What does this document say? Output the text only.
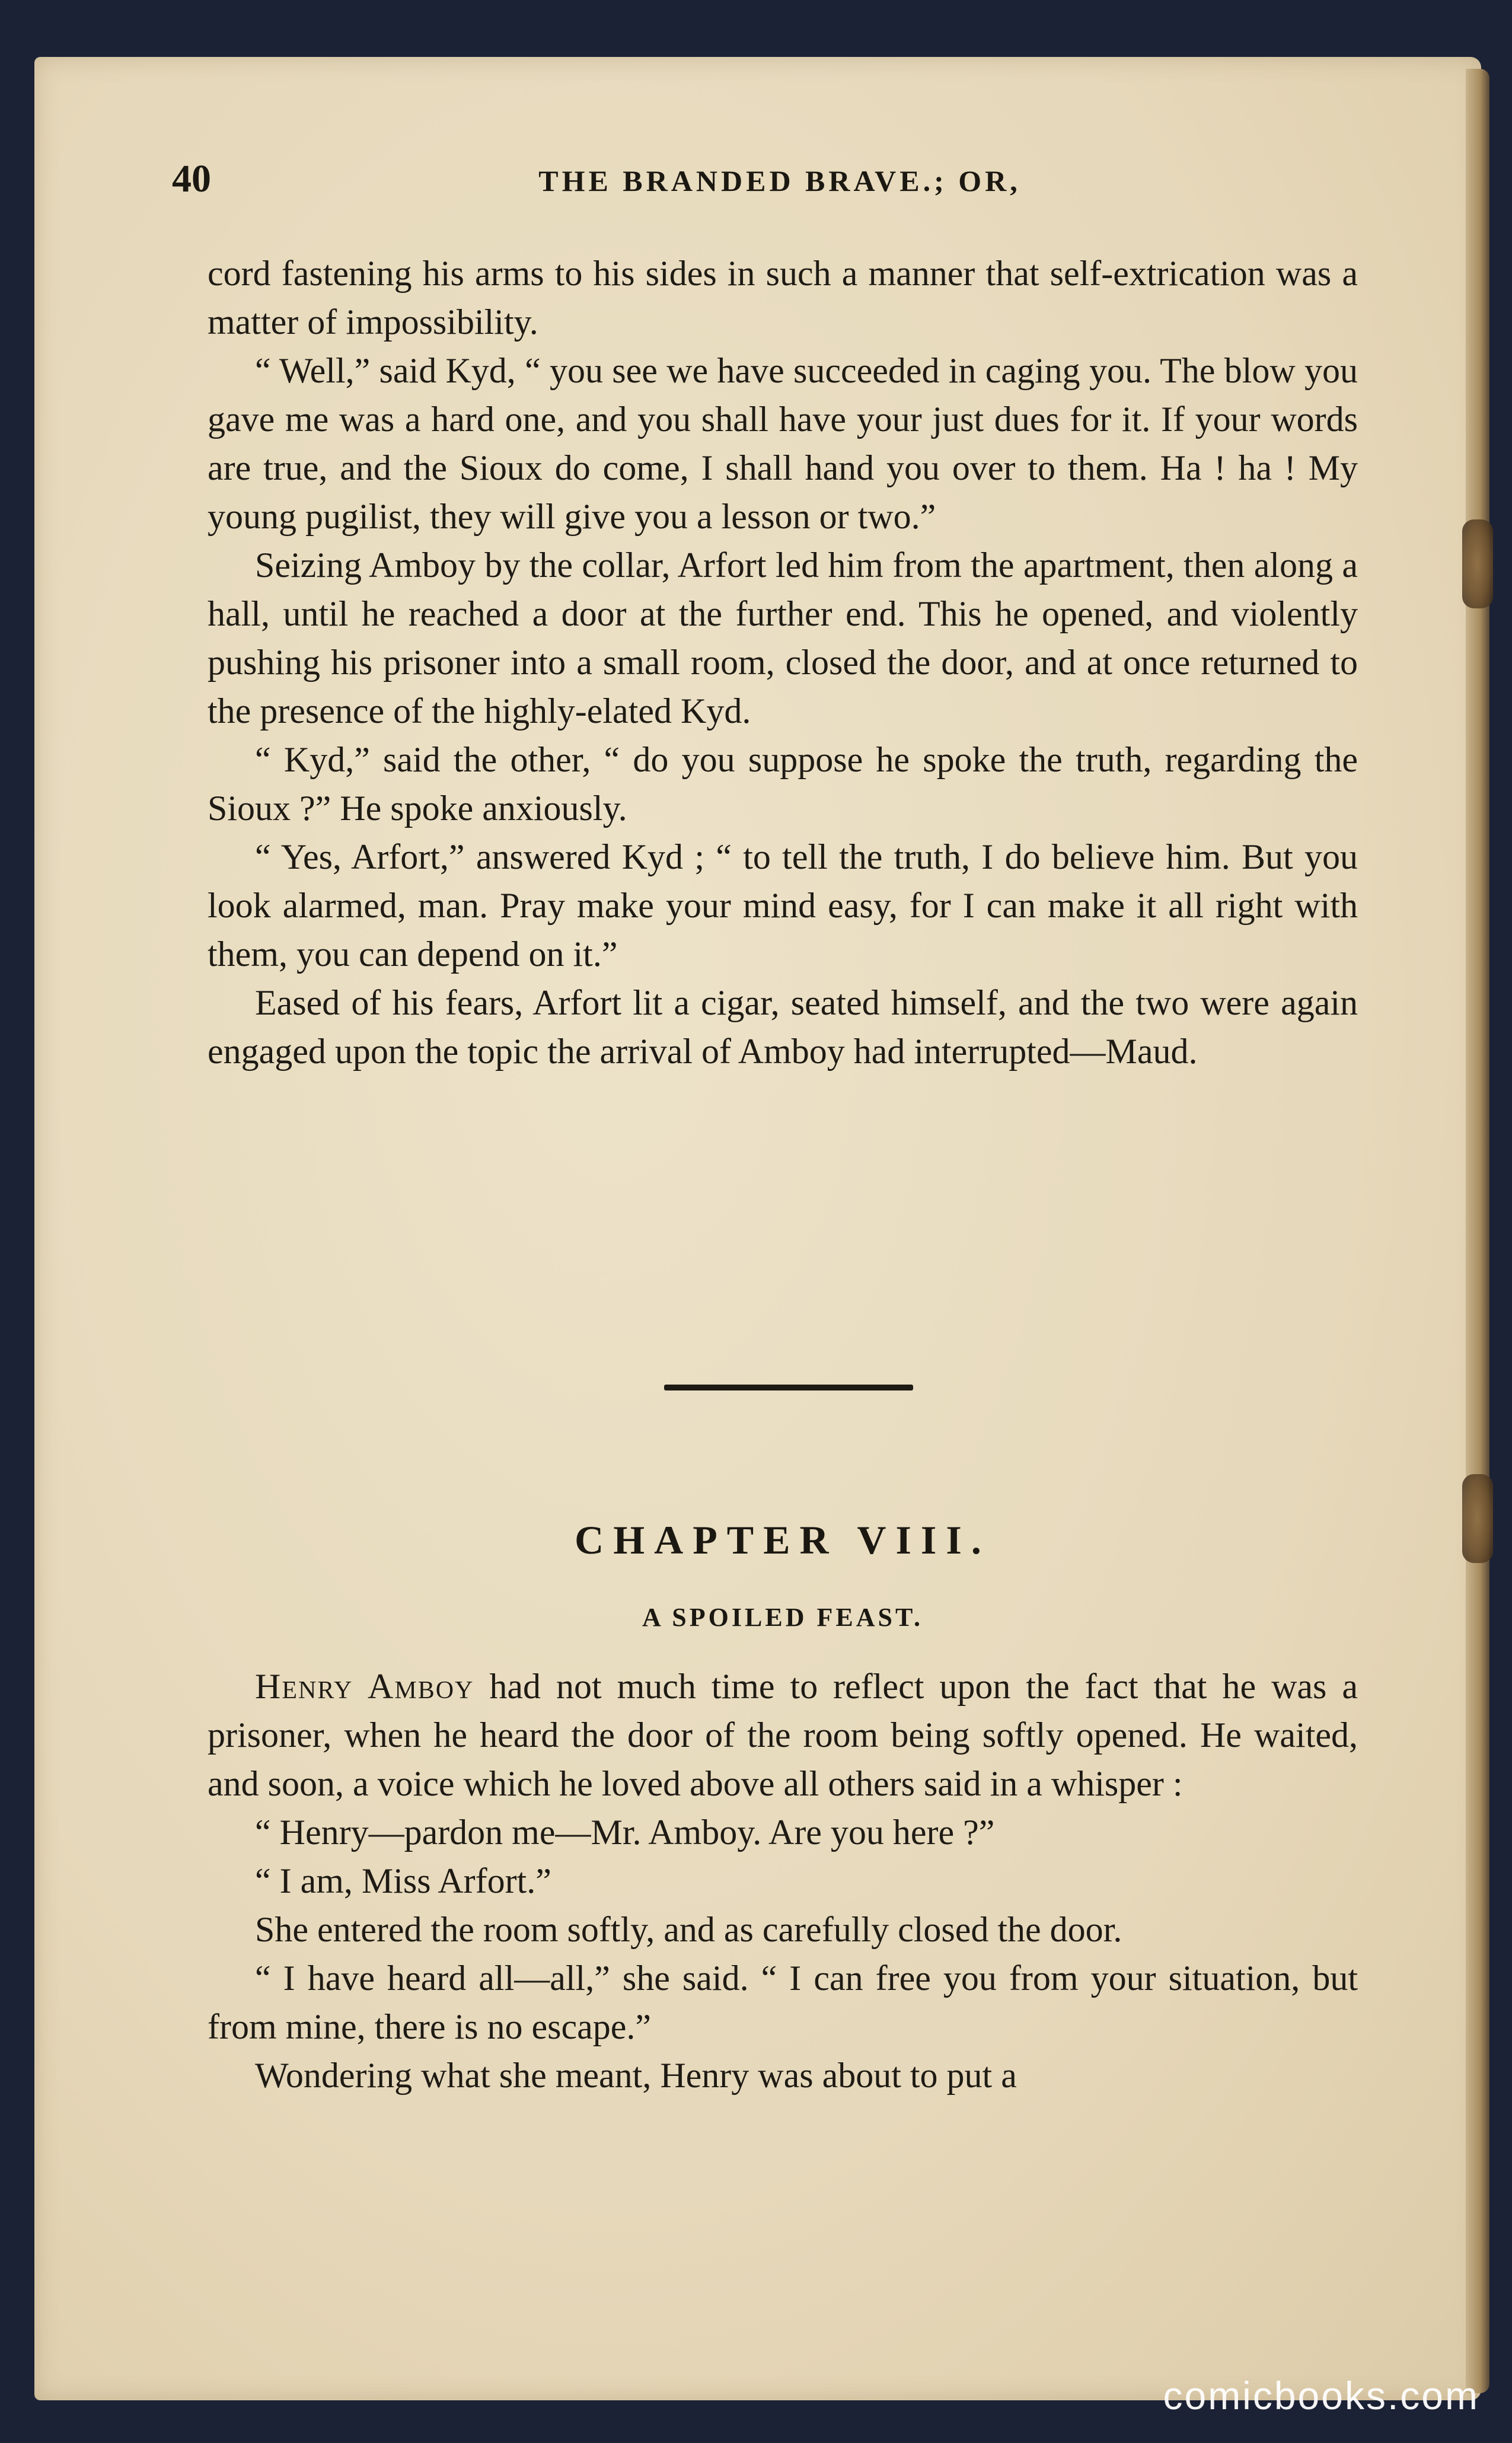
40	THE BRANDED BRAVE.; OR,

cord fastening his arms to his sides in such a manner that self-extrication was a matter of impossibility.

“ Well,” said Kyd, “ you see we have succeeded in caging you. The blow you gave me was a hard one, and you shall have your just dues for it. If your words are true, and the Sioux do come, I shall hand you over to them. Ha ! ha ! My young pugilist, they will give you a lesson or two.”

Seizing Amboy by the collar, Arfort led him from the apartment, then along a hall, until he reached a door at the further end. This he opened, and violently pushing his prisoner into a small room, closed the door, and at once returned to the presence of the highly-elated Kyd.

“ Kyd,” said the other, “ do you suppose he spoke the truth, regarding the Sioux ?” He spoke anxiously.

“ Yes, Arfort,” answered Kyd ; “ to tell the truth, I do believe him. But you look alarmed, man. Pray make your mind easy, for I can make it all right with them, you can depend on it.”

Eased of his fears, Arfort lit a cigar, seated himself, and the two were again engaged upon the topic the arrival of Amboy had interrupted—Maud.

CHAPTER VIII.
A SPOILED FEAST.

Henry Amboy had not much time to reflect upon the fact that he was a prisoner, when he heard the door of the room being softly opened. He waited, and soon, a voice which he loved above all others said in a whisper :

“ Henry—pardon me—Mr. Amboy. Are you here ?”

“ I am, Miss Arfort.”

She entered the room softly, and as carefully closed the door.

“ I have heard all—all,” she said. “ I can free you from your situation, but from mine, there is no escape.”

Wondering what she meant, Henry was about to put a

comicbooks.com
